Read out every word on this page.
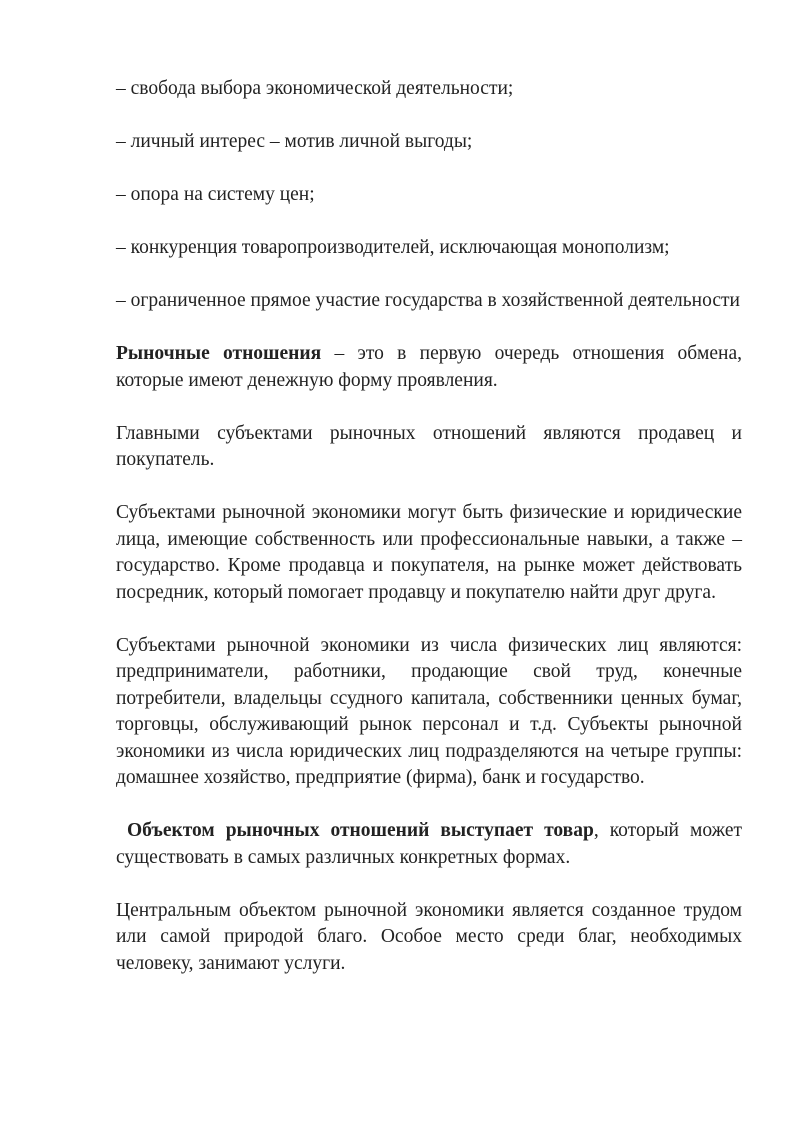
– свобода выбора экономической деятельности;

– личный интерес – мотив личной выгоды;

– опора на систему цен;

– конкуренция товаропроизводителей, исключающая монополизм;

– ограниченное прямое участие государства в хозяйственной деятельности

Рыночные отношения – это в первую очередь отношения обмена, которые имеют денежную форму проявления.

Главными субъектами рыночных отношений являются продавец и покупатель.

Субъектами рыночной экономики могут быть физические и юридические лица, имеющие собственность или профессиональные навыки, а также – государство. Кроме продавца и покупателя, на рынке может действовать посредник, который помогает продавцу и покупателю найти друг друга.

Субъектами рыночной экономики из числа физических лиц являются: предприниматели, работники, продающие свой труд, конечные потребители, владельцы ссудного капитала, собственники ценных бумаг, торговцы, обслуживающий рынок персонал и т.д. Субъекты рыночной экономики из числа юридических лиц подразделяются на четыре группы: домашнее хозяйство, предприятие (фирма), банк и государство.

Объектом рыночных отношений выступает товар, который может существовать в самых различных конкретных формах.

Центральным объектом рыночной экономики является созданное трудом или самой природой благо. Особое место среди благ, необходимых человеку, занимают услуги.
